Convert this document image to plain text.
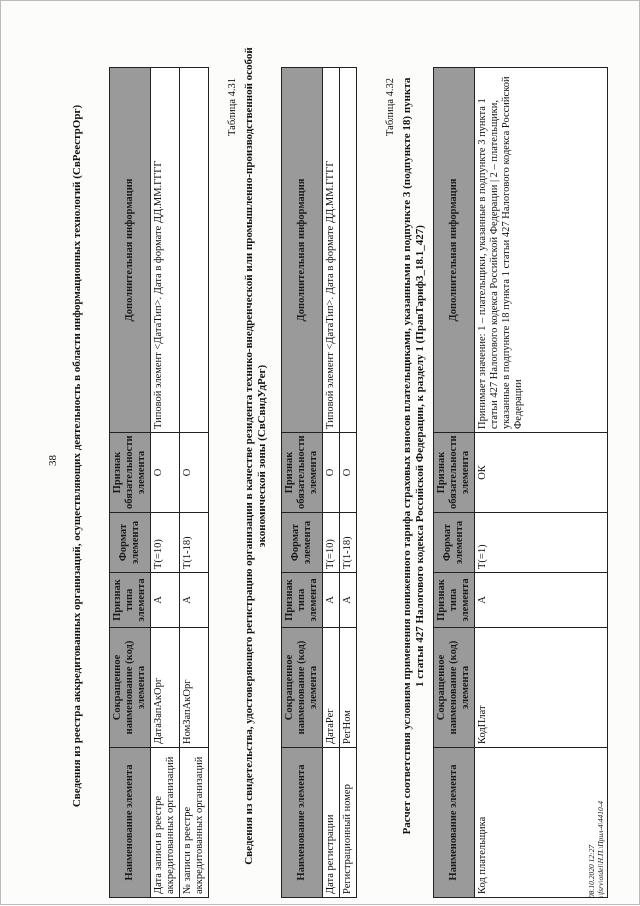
38 Сведения из реестра аккредитованных организаций, осуществляющих деятельность в области информационных технологий (СвРеестрОрг)
Наименование элемента	Сокращенное наименование (код) элемента	Признак типа элемента	Формат элемента	Признак обязательности элемента	Дополнительная информация
Дата записи в реестре аккредитованных организаций	ДатаЗапАкОрг	А	T(=10)	О	Типовой элемент <ДатаТип>. Дата в формате ДД.ММ.ГГГГ
№ записи в реестре аккредитованных организаций	НомЗапАкОрг	А	T(1-18)	О	
Таблица 4.31 Сведения из свидетельства, удостоверяющего регистрацию организации в качестве резидента технико-внедренческой или промышленно-производственной особой экономической зоны (СвСвидУдРег)
Наименование элемента	Сокращенное наименование (код) элемента	Признак типа элемента	Формат элемента	Признак обязательности элемента	Дополнительная информация
Дата регистрации	ДатаРег	А	T(=10)	О	Типовой элемент <ДатаТип>. Дата в формате ДД.ММ.ГГГГ
Регистрационный номер	РегНом	А	T(1-18)	О	
Таблица 4.32 Расчет соответствия условиям применения пониженного тарифа страховых взносов плательщиками, указанными в подпункте 3 (подпункте 18) пункта 1 статьи 427 Налогового кодекса Российской Федерации, к разделу 1 (ПравТариф3_18.1_427)
Наименование элемента	Сокращенное наименование (код) элемента	Признак типа элемента	Формат элемента	Признак обязательности элемента	Дополнительная информация
Код плательщика	КодПлат	А	T(=1)	ОК	Принимает значение: 1 – плательщики, указанные в подпункте 3 пункта 1 статьи 427 Налогового кодекса Российской Федерации | 2 – плательщики, указанные в подпункте 18 пункта 1 статьи 427 Налогового кодекса Российской Федерации
08.10.2020 12:27 \\fsrv\otdel\Н.П.\Прил-4\4410-4
